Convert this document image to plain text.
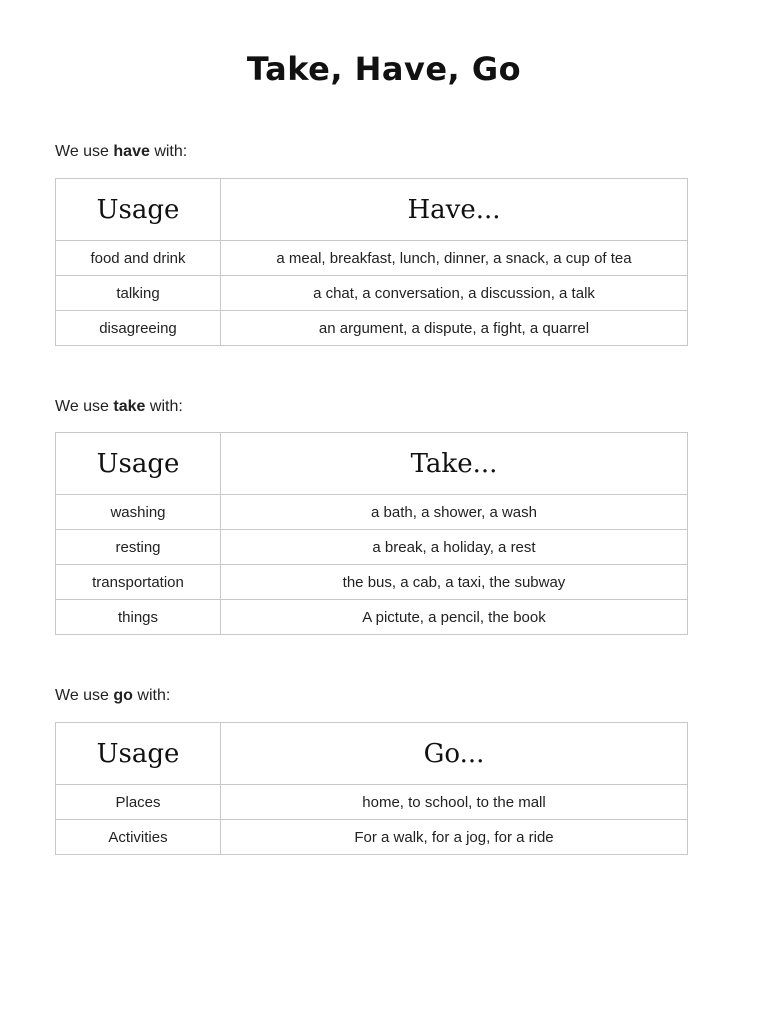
Take, Have, Go
We use have with:
Usage	Have...
food and drink	a meal, breakfast, lunch, dinner, a snack, a cup of tea
talking	a chat, a conversation, a discussion, a talk
disagreeing	an argument, a dispute, a fight, a quarrel
We use take with:
Usage	Take...
washing	a bath, a shower, a wash
resting	a break, a holiday, a rest
transportation	the bus, a cab, a taxi, the subway
things	A pictute, a pencil, the book
We use go with:
Usage	Go...
Places	home, to school, to the mall
Activities	For a walk, for a jog, for a ride
